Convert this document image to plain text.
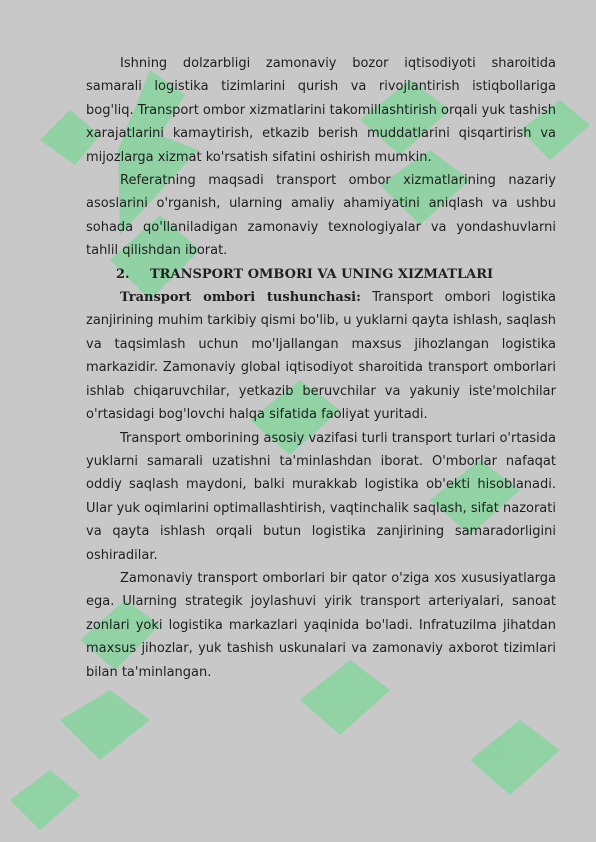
Ishning dolzarbligi zamonaviy bozor iqtisodiyoti sharoitida samarali logistika tizimlarini qurish va rivojlantirish istiqbollariga bog'liq. Transport ombor xizmatlarini takomillashtirish orqali yuk tashish xarajatlarini kamaytirish, etkazib berish muddatlarini qisqartirish va mijozlarga xizmat ko'rsatish sifatini oshirish mumkin.

Referatning maqsadi transport ombor xizmatlarining nazariy asoslarini o'rganish, ularning amaliy ahamiyatini aniqlash va ushbu sohada qo'llaniladigan zamonaviy texnologiyalar va yondashuvlarni tahlil qilishdan iborat.

2. TRANSPORT OMBORI VA UNING XIZMATLARI

Transport ombori tushunchasi: Transport ombori logistika zanjirining muhim tarkibiy qismi bo'lib, u yuklarni qayta ishlash, saqlash va taqsimlash uchun mo'ljallangan maxsus jihozlangan logistika markazidir. Zamonaviy global iqtisodiyot sharoitida transport omborlari ishlab chiqaruvchilar, yetkazib beruvchilar va yakuniy iste'molchilar o'rtasidagi bog'lovchi halqa sifatida faoliyat yuritadi.

Transport omborining asosiy vazifasi turli transport turlari o'rtasida yuklarni samarali uzatishni ta'minlashdan iborat. O'mborlar nafaqat oddiy saqlash maydoni, balki murakkab logistika ob'ekti hisoblanadi. Ular yuk oqimlarini optimallashtirish, vaqtinchalik saqlash, sifat nazorati va qayta ishlash orqali butun logistika zanjirining samaradorligini oshiradilar.

Zamonaviy transport omborlari bir qator o'ziga xos xususiyatlarga ega. Ularning strategik joylashuvi yirik transport arteriyalari, sanoat zonlari yoki logistika markazlari yaqinida bo'ladi. Infratuzilma jihatdan maxsus jihozlar, yuk tashish uskunalari va zamonaviy axborot tizimlari bilan ta'minlangan.
